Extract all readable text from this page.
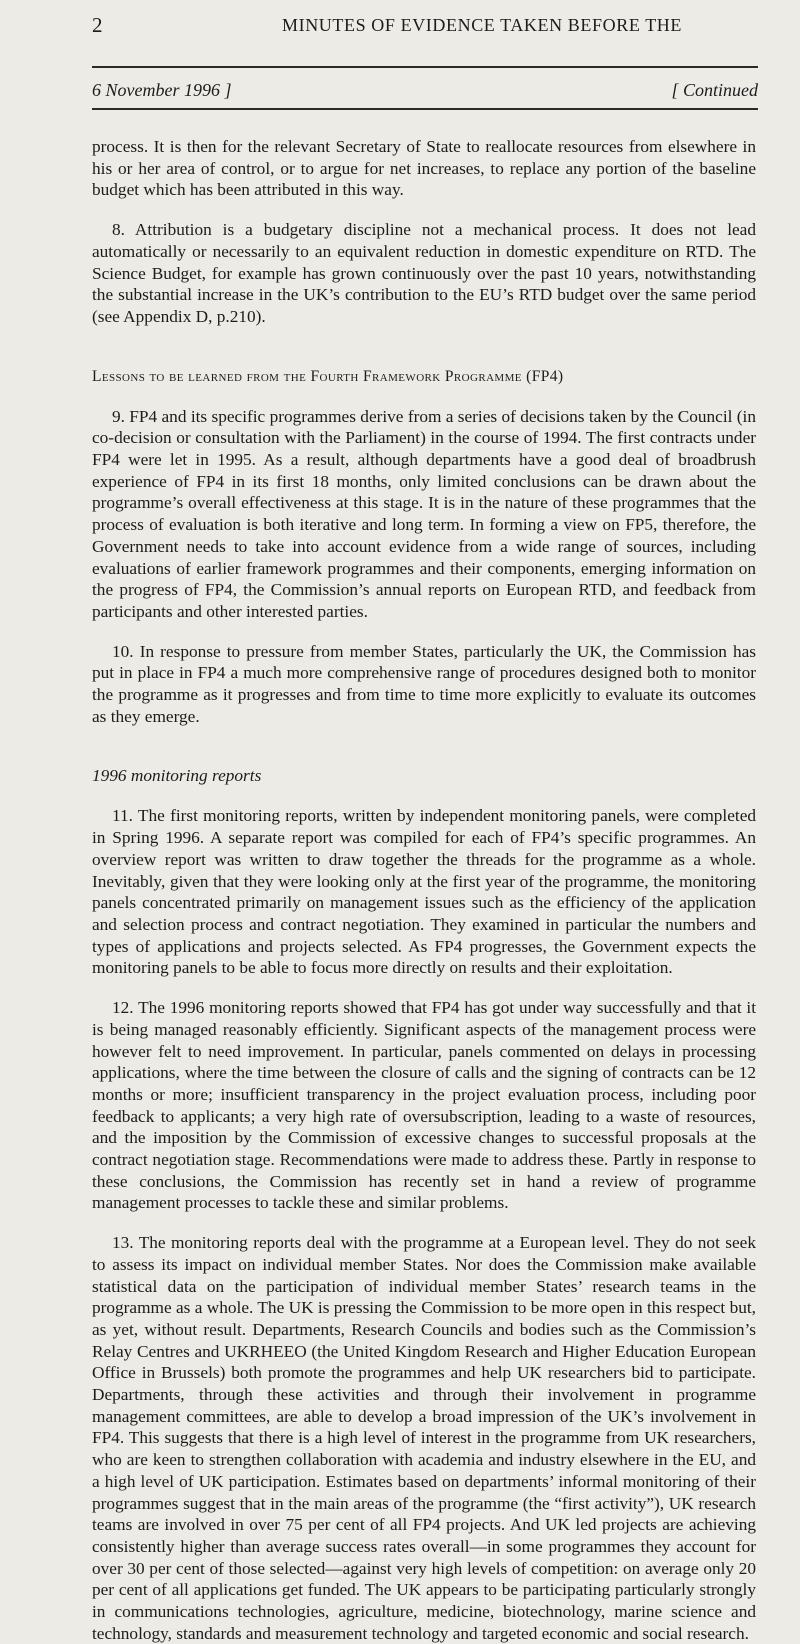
2	MINUTES OF EVIDENCE TAKEN BEFORE THE
6 November 1996 ]	[ Continued

process. It is then for the relevant Secretary of State to reallocate resources from elsewhere in his or her area of control, or to argue for net increases, to replace any portion of the baseline budget which has been attributed in this way.

8. Attribution is a budgetary discipline not a mechanical process. It does not lead automatically or necessarily to an equivalent reduction in domestic expenditure on RTD. The Science Budget, for example has grown continuously over the past 10 years, notwithstanding the substantial increase in the UK’s contribution to the EU’s RTD budget over the same period (see Appendix D, p.210).

Lessons to be learned from the Fourth Framework Programme (FP4)

9. FP4 and its specific programmes derive from a series of decisions taken by the Council (in co-decision or consultation with the Parliament) in the course of 1994. The first contracts under FP4 were let in 1995. As a result, although departments have a good deal of broadbrush experience of FP4 in its first 18 months, only limited conclusions can be drawn about the programme’s overall effectiveness at this stage. It is in the nature of these programmes that the process of evaluation is both iterative and long term. In forming a view on FP5, therefore, the Government needs to take into account evidence from a wide range of sources, including evaluations of earlier framework programmes and their components, emerging information on the progress of FP4, the Commission’s annual reports on European RTD, and feedback from participants and other interested parties.

10. In response to pressure from member States, particularly the UK, the Commission has put in place in FP4 a much more comprehensive range of procedures designed both to monitor the programme as it progresses and from time to time more explicitly to evaluate its outcomes as they emerge.

1996 monitoring reports

11. The first monitoring reports, written by independent monitoring panels, were completed in Spring 1996. A separate report was compiled for each of FP4’s specific programmes. An overview report was written to draw together the threads for the programme as a whole. Inevitably, given that they were looking only at the first year of the programme, the monitoring panels concentrated primarily on management issues such as the efficiency of the application and selection process and contract negotiation. They examined in particular the numbers and types of applications and projects selected. As FP4 progresses, the Government expects the monitoring panels to be able to focus more directly on results and their exploitation.

12. The 1996 monitoring reports showed that FP4 has got under way successfully and that it is being managed reasonably efficiently. Significant aspects of the management process were however felt to need improvement. In particular, panels commented on delays in processing applications, where the time between the closure of calls and the signing of contracts can be 12 months or more; insufficient transparency in the project evaluation process, including poor feedback to applicants; a very high rate of oversubscription, leading to a waste of resources, and the imposition by the Commission of excessive changes to successful proposals at the contract negotiation stage. Recommendations were made to address these. Partly in response to these conclusions, the Commission has recently set in hand a review of programme management processes to tackle these and similar problems.

13. The monitoring reports deal with the programme at a European level. They do not seek to assess its impact on individual member States. Nor does the Commission make available statistical data on the participation of individual member States’ research teams in the programme as a whole. The UK is pressing the Commission to be more open in this respect but, as yet, without result. Departments, Research Councils and bodies such as the Commission’s Relay Centres and UKRHEEO (the United Kingdom Research and Higher Education European Office in Brussels) both promote the programmes and help UK researchers bid to participate. Departments, through these activities and through their involvement in programme management committees, are able to develop a broad impression of the UK’s involvement in FP4. This suggests that there is a high level of interest in the programme from UK researchers, who are keen to strengthen collaboration with academia and industry elsewhere in the EU, and a high level of UK participation. Estimates based on departments’ informal monitoring of their programmes suggest that in the main areas of the programme (the “first activity”), UK research teams are involved in over 75 per cent of all FP4 projects. And UK led projects are achieving consistently higher than average success rates overall—in some programmes they account for over 30 per cent of those selected—against very high levels of competition: on average only 20 per cent of all applications get funded. The UK appears to be participating particularly strongly in communications technologies, agriculture, medicine, biotechnology, marine science and technology, standards and measurement technology and targeted economic and social research.
